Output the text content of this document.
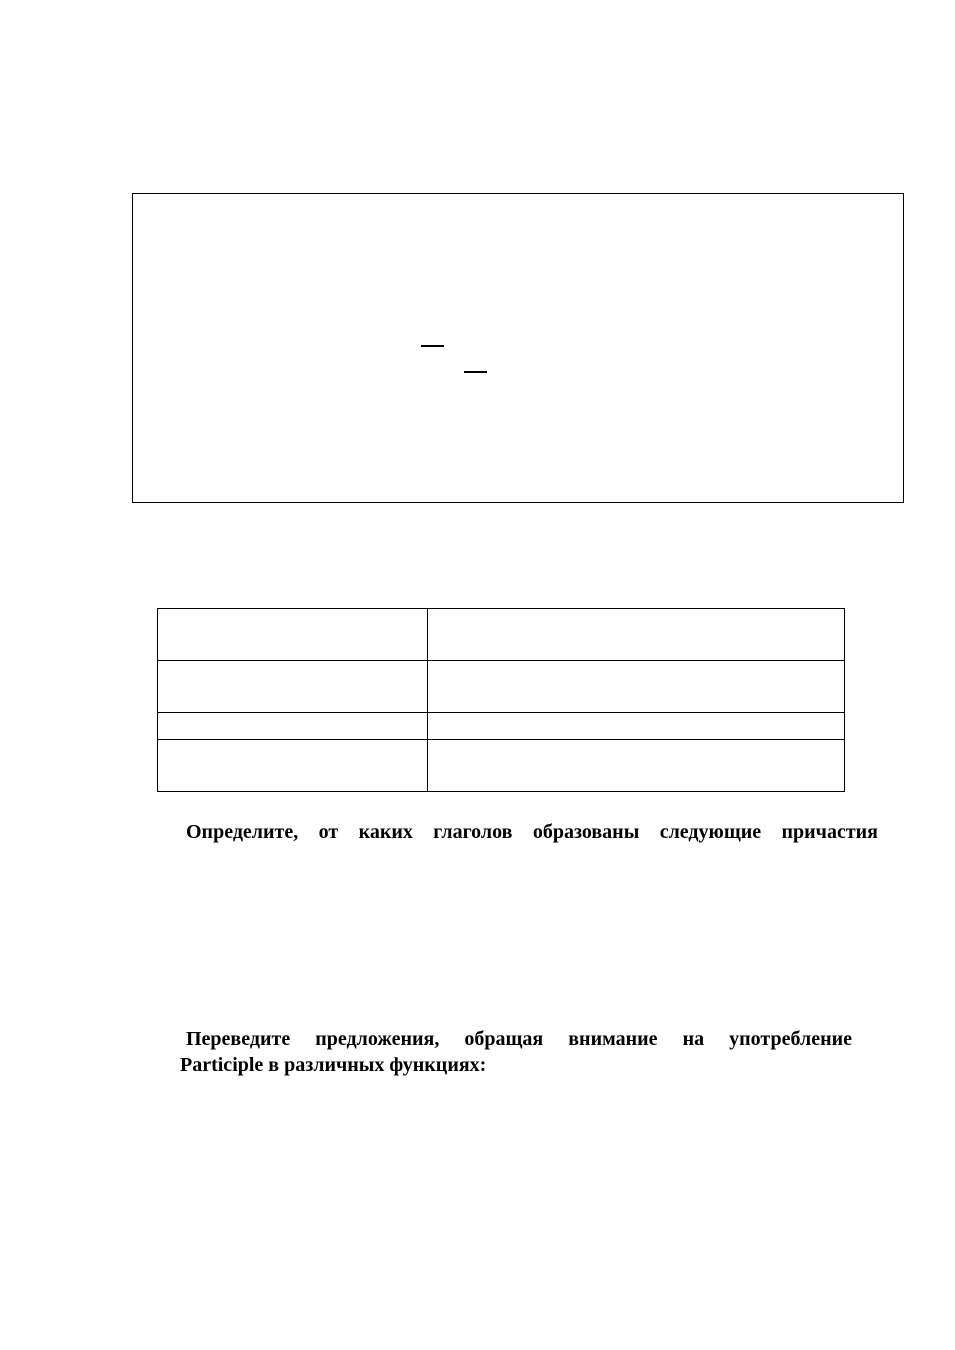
Определите, от каких глаголов образованы следующие причастия

Переведите предложения, обращая внимание на употребление

Participle в различных функциях:
